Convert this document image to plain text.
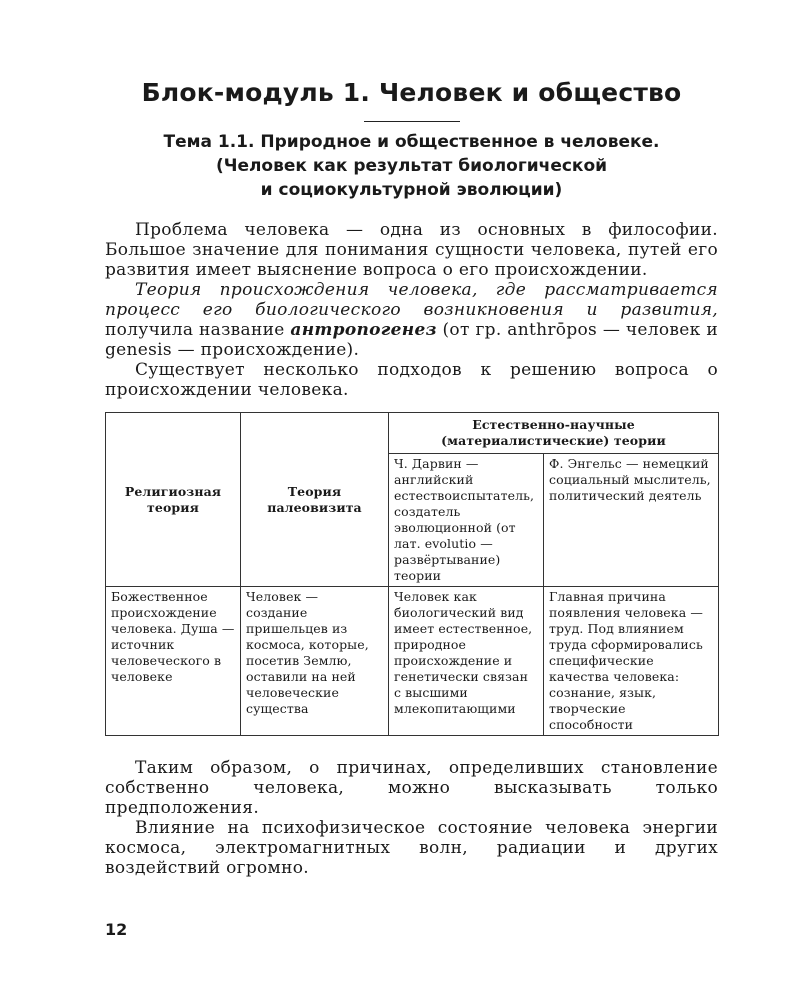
Блок-модуль 1. Человек и общество
Тема 1.1. Природное и общественное в человеке.
(Человек как результат биологической
и социокультурной эволюции)

Проблема человека — одна из основных в философии. Большое значение для понимания сущности человека, путей его развития имеет выяснение вопроса о его происхождении.

Теория происхождения человека, где рассматривается процесс его биологического возникновения и развития, получила название антропогенез (от гр. anthrōpos — человек и genesis — происхождение).

Существует несколько подходов к решению вопроса о происхождении человека.

Религиозная теория	Теория палеовизита	Естественно-научные (материалистические) теории	
		Ч. Дарвин — английский естествоиспытатель, создатель эволюционной (от лат. evolutio — развёртывание) теории	Ф. Энгельс — немецкий социальный мыслитель, политический деятель
Божественное происхождение человека. Душа — источник человеческого в человеке	Человек — создание пришельцев из космоса, которые, посетив Землю, оставили на ней человеческие существа	Человек как биологический вид имеет естественное, природное происхождение и генетически связан с высшими млекопитающими	Главная причина появления человека — труд. Под влиянием труда сформировались специфические качества человека: сознание, язык, творческие способности

Таким образом, о причинах, определивших становление собственно человека, можно высказывать только предположения.

Влияние на психофизическое состояние человека энергии космоса, электромагнитных волн, радиации и других воздействий огромно.

12
